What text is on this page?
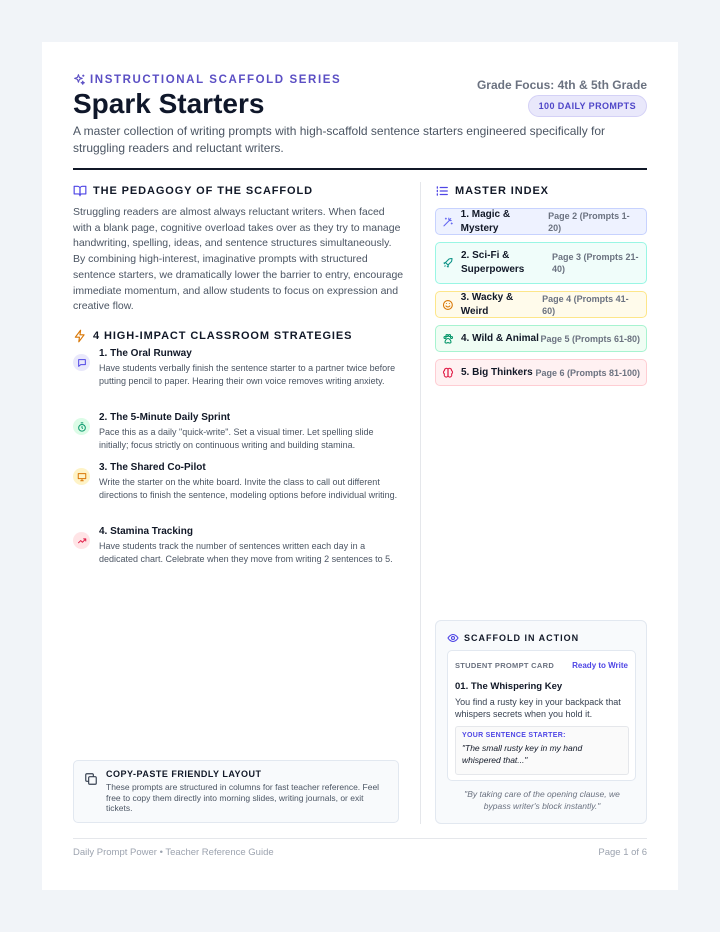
INSTRUCTIONAL SCAFFOLD SERIES
Spark Starters
Grade Focus: 4th & 5th Grade
100 DAILY PROMPTS
A master collection of writing prompts with high-scaffold sentence starters engineered specifically for struggling readers and reluctant writers.
THE PEDAGOGY OF THE SCAFFOLD
Struggling readers are almost always reluctant writers. When faced with a blank page, cognitive overload takes over as they try to manage handwriting, spelling, ideas, and sentence structures simultaneously. By combining high-interest, imaginative prompts with structured sentence starters, we dramatically lower the barrier to entry, encourage immediate momentum, and allow students to focus on expression and creative flow.
4 HIGH-IMPACT CLASSROOM STRATEGIES
1. The Oral Runway

Have students verbally finish the sentence starter to a partner twice before putting pencil to paper. Hearing their own voice removes writing anxiety.

2. The 5-Minute Daily Sprint

Pace this as a daily "quick-write". Set a visual timer. Let spelling slide initially; focus strictly on continuous writing and building stamina.

3. The Shared Co-Pilot

Write the starter on the white board. Invite the class to call out different directions to finish the sentence, modeling options before individual writing.

4. Stamina Tracking

Have students track the number of sentences written each day in a dedicated chart. Celebrate when they move from writing 2 sentences to 5.

COPY-PASTE FRIENDLY LAYOUT

These prompts are structured in columns for fast teacher reference. Feel free to copy them directly into morning slides, writing journals, or exit tickets.

MASTER INDEX
1. Magic & Mystery
Page 2 (Prompts 1-20)
2. Sci-Fi & Superpowers
Page 3 (Prompts 21-40)
3. Wacky & Weird
Page 4 (Prompts 41-60)
4. Wild & Animal Page 5 (Prompts 61-80)
5. Big Thinkers Page 6 (Prompts 81-100)
SCAFFOLD IN ACTION
STUDENT PROMPT CARD Ready to Write
01. The Whispering Key
You find a rusty key in your backpack that whispers secrets when you hold it.
YOUR SENTENCE STARTER:
"The small rusty key in my hand whispered that..."
"By taking care of the opening clause, we bypass writer's block instantly."
Daily Prompt Power • Teacher Reference Guide	Page 1 of 6
